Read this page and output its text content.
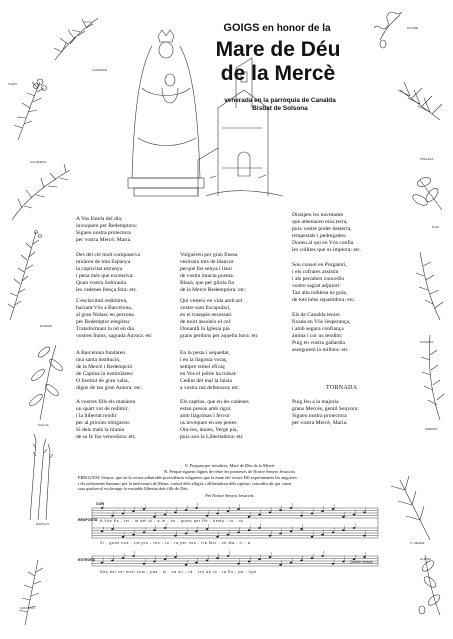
CANEMÀS
ROURE
TARIS
PINASSA
SALZERAS
FAIG
ROMANÍ
GINESTA
SALVIA
VERMUT
ESPÍGOL
P. NEGRE
ALZINA
CAMILANI
GOIGS en honor de la
Mare de Déu
de la Mercè
venerada en la parròquia de Canalda
Bisbat de Solsona
A Vos Estela del dia,
invoquem per Redemptora:
Sigueu nostra protectora
per vostra Mercè, Maria.
Des del cel molt compassiva
miràreu de tota Espanya
la captivitat estranya
i pena més que excessiva:
Quan vostra Sobirania
les cadenes llença fora: etc.
L'esclavitud redimíreu,
baixant Vós a Barcelona,
al gran Nolasc en persona
per Redemptor elegíreu:
Transformant la nit en dia
vostres llums, sagrada Aurora: etc
A Barcelona fundàreu
una santa institució,
de la Mercè i Redempció
de Captius la instituïàreu:
O Institut de gran valia,
digne de tan gran Autora: etc.
A vostres fills els manàreu
un quart vot de redimir,
i la llibertat rendir
per al pròxim obligàreu:
Si dels mals la tirania
de sa fe fos vencedora: etc.
Volguéreu per gran finesa
vestissin tots de blancor
perquè fos senya i llaor
de vostra intacta puresa:
Blasó, que per glòria fia
de la Mercè Redemptora: etc.
Qui vesteix en vida amb zel
vostre sant Escapulari,
en el trasspàs necessari
de mort assoleix el cel:
Donantli la Iglesia pia
grans perdons per aquella hora: etc
En la pesta i sequedat,
i en la llagosta voraç,
sempre remei eficaç
en Vos el poble ha trobat:
Cedint del mal la falsia
a vostra mà defensora: etc.
Els captius, que en les cadenes
estan presos amb rigor,
amb llàgrimas i fervor
us invoquen en ses penes:
Otu-los, dones, Verge pia,
puix sou la Llibertadora: etc
Dissipeu les nuvolades
que amenacen eixa terra,
puix vostre poder desterra,
tempestats i pedregades:
Doneu al qui en Vós confia
les collites que us implora: etc.
Sou consol en Purgatori,
i els cofrares assistiu
i als pecadors concediu
vostre sagrat adjutori:
Tan alta noblesa us guia,
de tots béns repartidora: etc.
Els de Canalda tenim
fixada en Vós l'esperança,
i amb segura confiança
ànima i cor us rendim:
Puig en vostra gallardia
assegurem la millora: etc
TORNADA
Puig feu a la majoria
grans Mercès, gentil Senyora:
Sigueu nostra protectora
per vostra Mercè, Maria.
V. Pregueu per nosaltres, Mare de Déu de la Mercè.
R. Perquè siguem dignes de rebre les promeses de Nostre Senyor Jesucrist.
PREGUEM: Senyor, que en la vostra admirable providència vulguéreu que la mare del vostre Fill experimentés les angoixes
i els sofriments humans; per la intercessió de Maria, consol dels afligits i alliberadora dels captius, concediu als qui viuen
sota qualsevol esclavatge la veritable llibertat dels fills de Déu.
Per Nostre Senyor Jesucrist.
COR
RESPOSTA
ESTROFA
A Vos Es - tel - la del di - a in - vo - quem per Re - demp - to - ra
Si - gueu nos - tra pro - tec - to - ra per vos - tra Mer - cè Ma - ri - a
Des del cel molt com - pas - si - va mi - rà - reu de to - ta Es - pa - nya
Quatre versos
